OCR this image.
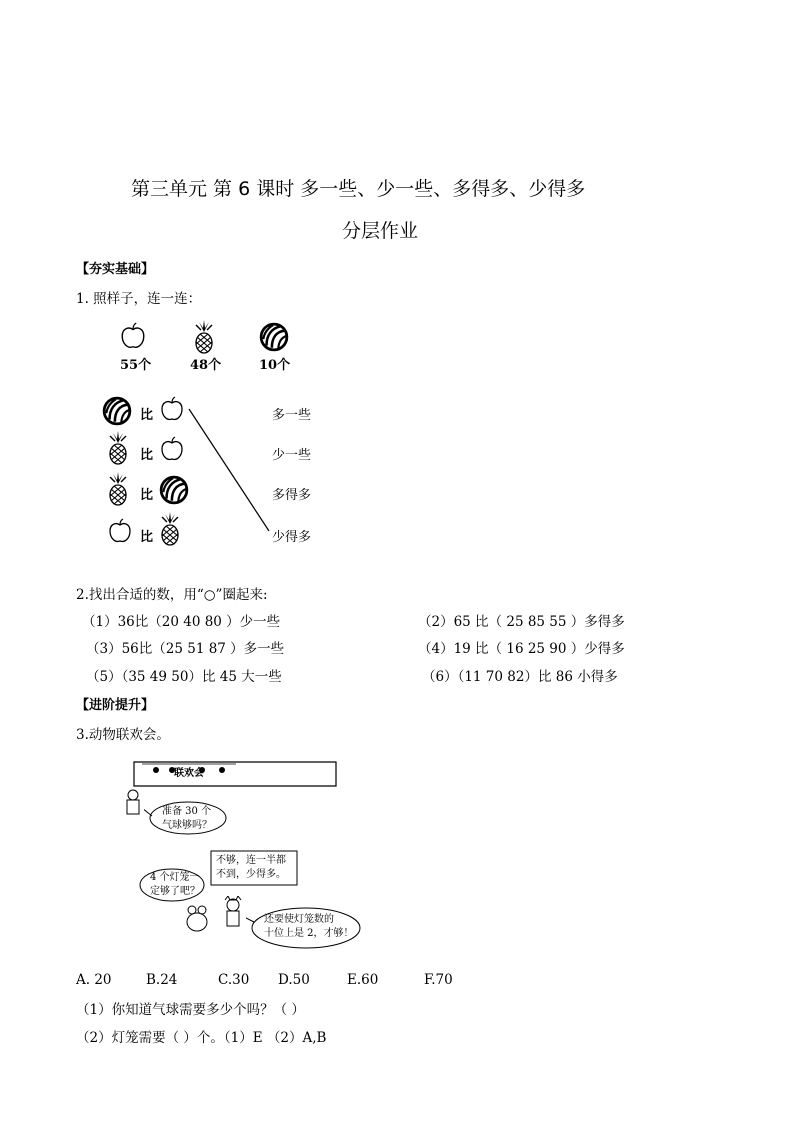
第三单元 第 6 课时 多一些、少一些、多得多、少得多
分层作业
【夯实基础】
1. 照样子，连一连：
55个	48个	10个
比
比
比
比
多一些
少一些
多得多
少得多
2.找出合适的数，用“○”圈起来:
（1）36比（20 40 80 ）少一些	（2）65 比（ 25 85 55 ）多得多
（3）56比（25 51 87 ）多一些	（4）19 比（ 16 25 90 ）少得多
（5）（35 49 50）比 45 大一些	（6）（11 70 82）比 86 小得多
【进阶提升】
3.动物联欢会。
联欢会
准备 30 个
气球够吗？
不够，连一半都
不到，少得多。
4 个灯笼一
定够了吧？
还要使灯笼数的
十位上是 2，才够！
A. 20	B.24	C.30 D.50	E.60	F.70
（1）你知道气球需要多少个吗？（ ）
（2）灯笼需要（ ）个。（1）E （2）A,B
